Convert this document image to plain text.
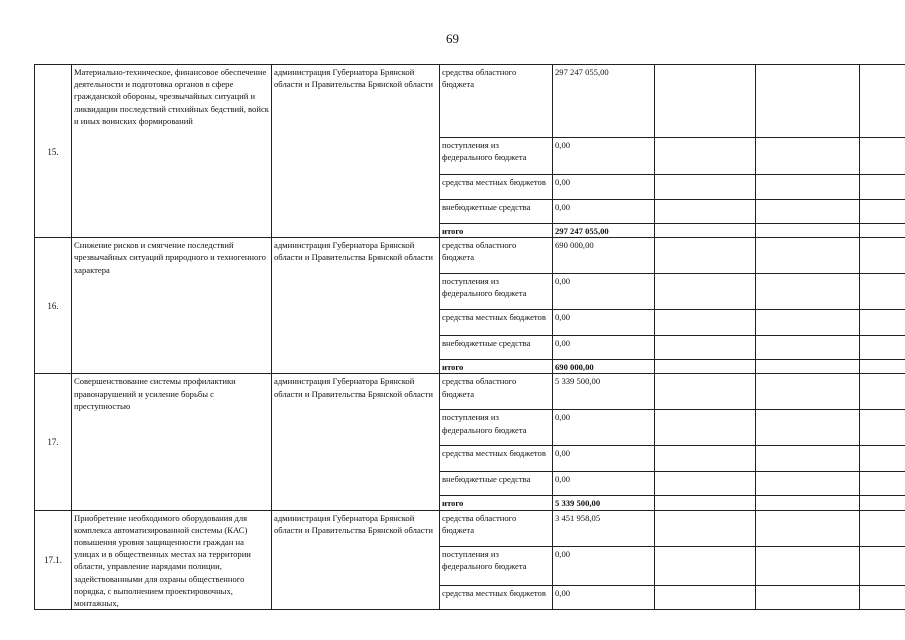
69
15.	Материально-техническое, финансовое обеспечение деятельности и подготовка органов в сфере гражданской обороны, чрезвычайных ситуаций и ликвидации последствий стихийных бедствий, войск и иных воинских формирований	администрация Губернатора Брянской области и Правительства Брянской области	средства областного бюджета	297 247 055,00			
			поступления из федерального бюджета	0,00			
			средства местных бюджетов	0,00			
			внебюджетные средства	0,00			
			итого	297 247 055,00			
16.	Снижение рисков и смягчение последствий чрезвычайных ситуаций природного и техногенного характера	администрация Губернатора Брянской области и Правительства Брянской области	средства областного бюджета	690 000,00			
			поступления из федерального бюджета	0,00			
			средства местных бюджетов	0,00			
			внебюджетные средства	0,00			
			итого	690 000,00			
17.	Совершенствование системы профилактики правонарушений и усиление борьбы с преступностью	администрация Губернатора Брянской области и Правительства Брянской области	средства областного бюджета	5 339 500,00			
			поступления из федерального бюджета	0,00			
			средства местных бюджетов	0,00			
			внебюджетные средства	0,00			
			итого	5 339 500,00			
17.1.	Приобретение необходимого оборудования для комплекса автоматизированной системы (КАС) повышения уровня защищенности граждан на улицах и в общественных местах на территории области, управление нарядами полиции, задействованными для охраны общественного порядка, с выполнением проектировочных, монтажных,	администрация Губернатора Брянской области и Правительства Брянской области	средства областного бюджета	3 451 958,05			
			поступления из федерального бюджета	0,00			
			средства местных бюджетов	0,00			
